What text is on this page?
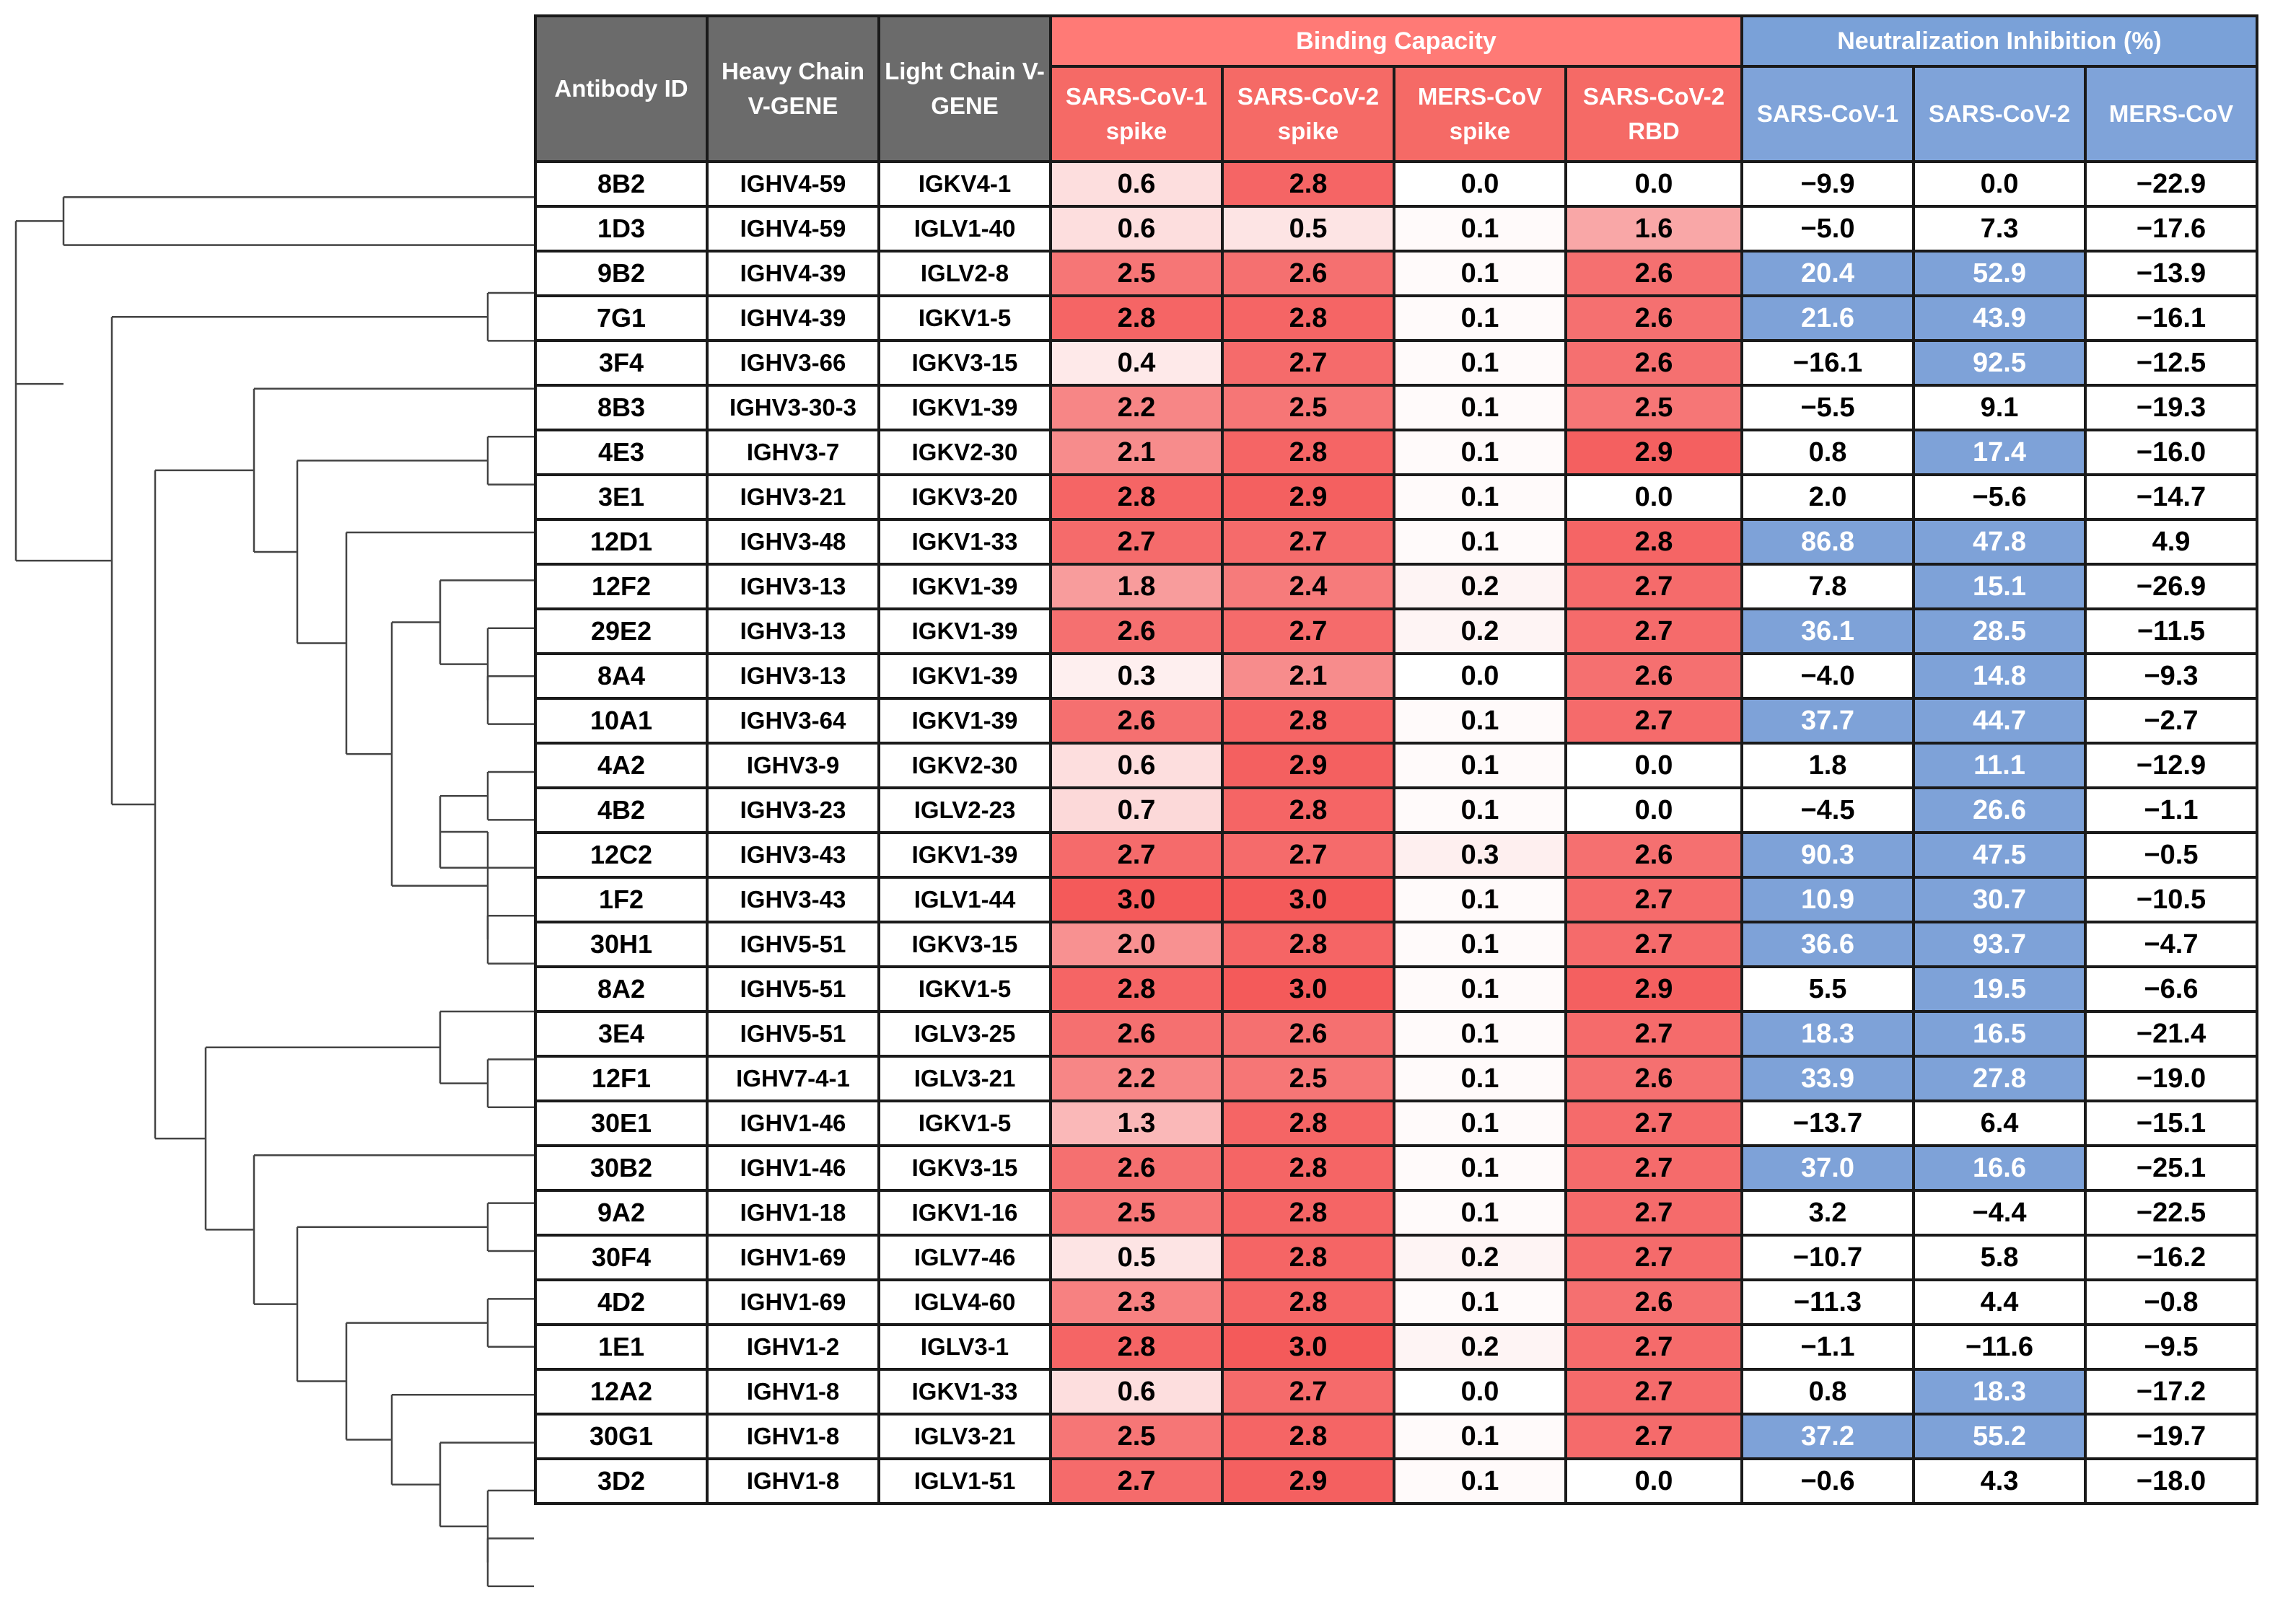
Antibody ID	Heavy Chain V-GENE	Light Chain V-GENE	Binding Capacity				Neutralization Inhibition (%)		
			SARS-CoV-1 spike	SARS-CoV-2 spike	MERS-CoV spike	SARS-CoV-2 RBD	SARS-CoV-1	SARS-CoV-2	MERS-CoV
8B2	IGHV4-59	IGKV4-1	0.6	2.8	0.0	0.0	−9.9	0.0	−22.9
1D3	IGHV4-59	IGLV1-40	0.6	0.5	0.1	1.6	−5.0	7.3	−17.6
9B2	IGHV4-39	IGLV2-8	2.5	2.6	0.1	2.6	20.4	52.9	−13.9
7G1	IGHV4-39	IGKV1-5	2.8	2.8	0.1	2.6	21.6	43.9	−16.1
3F4	IGHV3-66	IGKV3-15	0.4	2.7	0.1	2.6	−16.1	92.5	−12.5
8B3	IGHV3-30-3	IGKV1-39	2.2	2.5	0.1	2.5	−5.5	9.1	−19.3
4E3	IGHV3-7	IGKV2-30	2.1	2.8	0.1	2.9	0.8	17.4	−16.0
3E1	IGHV3-21	IGKV3-20	2.8	2.9	0.1	0.0	2.0	−5.6	−14.7
12D1	IGHV3-48	IGKV1-33	2.7	2.7	0.1	2.8	86.8	47.8	4.9
12F2	IGHV3-13	IGKV1-39	1.8	2.4	0.2	2.7	7.8	15.1	−26.9
29E2	IGHV3-13	IGKV1-39	2.6	2.7	0.2	2.7	36.1	28.5	−11.5
8A4	IGHV3-13	IGKV1-39	0.3	2.1	0.0	2.6	−4.0	14.8	−9.3
10A1	IGHV3-64	IGKV1-39	2.6	2.8	0.1	2.7	37.7	44.7	−2.7
4A2	IGHV3-9	IGKV2-30	0.6	2.9	0.1	0.0	1.8	11.1	−12.9
4B2	IGHV3-23	IGLV2-23	0.7	2.8	0.1	0.0	−4.5	26.6	−1.1
12C2	IGHV3-43	IGKV1-39	2.7	2.7	0.3	2.6	90.3	47.5	−0.5
1F2	IGHV3-43	IGLV1-44	3.0	3.0	0.1	2.7	10.9	30.7	−10.5
30H1	IGHV5-51	IGKV3-15	2.0	2.8	0.1	2.7	36.6	93.7	−4.7
8A2	IGHV5-51	IGKV1-5	2.8	3.0	0.1	2.9	5.5	19.5	−6.6
3E4	IGHV5-51	IGLV3-25	2.6	2.6	0.1	2.7	18.3	16.5	−21.4
12F1	IGHV7-4-1	IGLV3-21	2.2	2.5	0.1	2.6	33.9	27.8	−19.0
30E1	IGHV1-46	IGKV1-5	1.3	2.8	0.1	2.7	−13.7	6.4	−15.1
30B2	IGHV1-46	IGKV3-15	2.6	2.8	0.1	2.7	37.0	16.6	−25.1
9A2	IGHV1-18	IGKV1-16	2.5	2.8	0.1	2.7	3.2	−4.4	−22.5
30F4	IGHV1-69	IGLV7-46	0.5	2.8	0.2	2.7	−10.7	5.8	−16.2
4D2	IGHV1-69	IGLV4-60	2.3	2.8	0.1	2.6	−11.3	4.4	−0.8
1E1	IGHV1-2	IGLV3-1	2.8	3.0	0.2	2.7	−1.1	−11.6	−9.5
12A2	IGHV1-8	IGKV1-33	0.6	2.7	0.0	2.7	0.8	18.3	−17.2
30G1	IGHV1-8	IGLV3-21	2.5	2.8	0.1	2.7	37.2	55.2	−19.7
3D2	IGHV1-8	IGLV1-51	2.7	2.9	0.1	0.0	−0.6	4.3	−18.0
